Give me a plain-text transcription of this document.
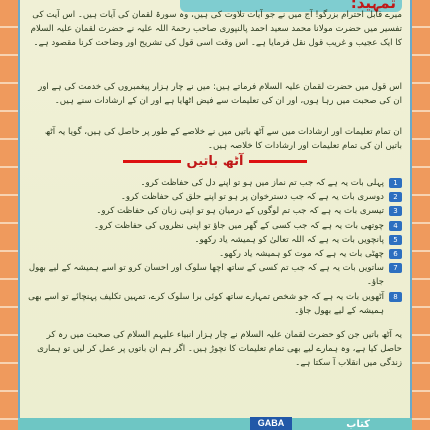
تمہید:
میرے قابل احترام بزرگو! آج میں نے جو آیات تلاوت کی ہیں، وہ سورۃ لقمان کی آیات ہیں۔ اس آیت کی تفسیر میں حضرت مولانا محمد سعید احمد پالنپوری صاحب رحمۃ اللہ علیہ نے حضرت لقمان علیہ السلام کا ایک عجیب و غریب قول نقل فرمایا ہے۔ اس وقت اسی قول کی تشریح اور وضاحت کرنا مقصود ہے۔
اس قول میں حضرت لقمان علیہ السلام فرماتے ہیں: میں نے چار ہزار پیغمبروں کی خدمت کی ہے اور ان کی صحبت میں رہا ہوں، اور ان کی تعلیمات سے فیض اٹھایا ہے اور ان کے ارشادات سنے ہیں۔
ان تمام تعلیمات اور ارشادات میں سے آٹھ باتیں میں نے خلاصے کے طور پر حاصل کی ہیں، گویا یہ آٹھ باتیں ان کی تمام تعلیمات اور ارشادات کا خلاصہ ہیں۔
آٹھ باتیں
1
پہلی بات یہ ہے کہ جب تم نماز میں ہو تو اپنے دل کی حفاظت کرو۔
2
دوسری بات یہ ہے کہ جب دسترخوان پر ہو تو اپنے حلق کی حفاظت کرو۔
3
تیسری بات یہ ہے کہ جب تم لوگوں کے درمیان ہو تو اپنی زبان کی حفاظت کرو۔
4
چوتھی بات یہ ہے کہ جب کسی کے گھر میں جاؤ تو اپنی نظروں کی حفاظت کرو۔
5
پانچویں بات یہ ہے کہ اللہ تعالیٰ کو ہمیشہ یاد رکھو۔
6
چھٹی بات یہ ہے کہ موت کو ہمیشہ یاد رکھو۔
7
ساتویں بات یہ ہے کہ جب تم کسی کے ساتھ اچھا سلوک اور احسان کرو تو اسے ہمیشہ کے لیے بھول جاؤ۔
8
آٹھویں بات یہ ہے کہ جو شخص تمہارے ساتھ کوئی برا سلوک کرے، تمہیں تکلیف پہنچائے تو اسے بھی ہمیشہ کے لیے بھول جاؤ۔
یہ آٹھ باتیں جن کو حضرت لقمان علیہ السلام نے چار ہزار انبیاء علیہم السلام کی صحبت میں رہ کر حاصل کیا ہے، وہ ہمارے لیے بھی تمام تعلیمات کا نچوڑ ہیں۔ اگر ہم ان باتوں پر عمل کر لیں تو ہماری زندگی میں انقلاب آ سکتا ہے۔
کتاب
GABA
